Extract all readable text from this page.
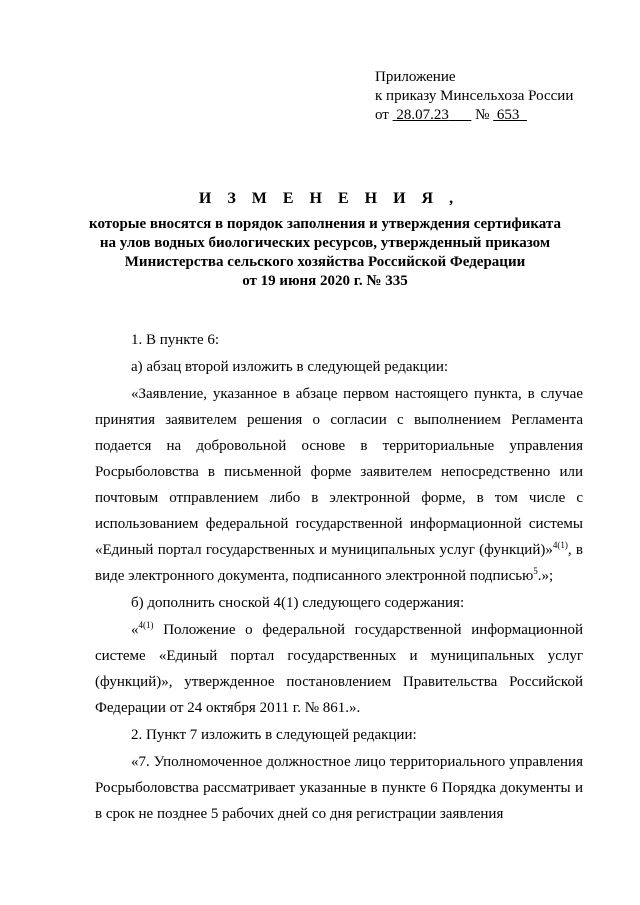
Приложение
к приказу Минсельхоза России
от 28.07.23 № 653
И З М Е Н Е Н И Я ,
которые вносятся в порядок заполнения и утверждения сертификата
на улов водных биологических ресурсов, утвержденный приказом
Министерства сельского хозяйства Российской Федерации
от 19 июня 2020 г. № 335

1. В пункте 6:

а) абзац второй изложить в следующей редакции:

«Заявление, указанное в абзаце первом настоящего пункта, в случае принятия заявителем решения о согласии с выполнением Регламента подается на добровольной основе в территориальные управления Росрыболовства в письменной форме заявителем непосредственно или почтовым отправлением либо в электронной форме, в том числе с использованием федеральной государственной информационной системы «Единый портал государственных и муниципальных услуг (функций)»$^{4(1)}$, в виде электронного документа, подписанного электронной подписью$^5$.»;

б) дополнить сноской 4(1) следующего содержания:

«$^{4(1)}$ Положение о федеральной государственной информационной системе «Единый портал государственных и муниципальных услуг (функций)», утвержденное постановлением Правительства Российской Федерации от 24 октября 2011 г. № 861.».

2. Пункт 7 изложить в следующей редакции:

«7. Уполномоченное должностное лицо территориального управления Росрыболовства рассматривает указанные в пункте 6 Порядка документы и в срок не позднее 5 рабочих дней со дня регистрации заявления
